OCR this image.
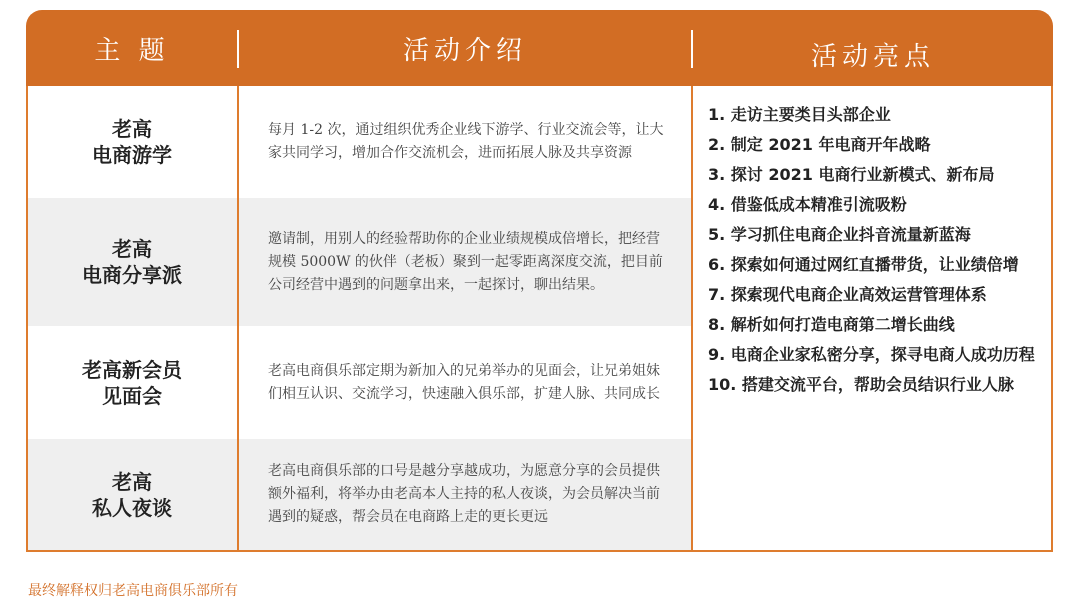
主 题	活动介绍	活动亮点
老高
电商游学
每月 1-2 次，通过组织优秀企业线下游学、行业交流会等，让大家共同学习，增加合作交流机会，进而拓展人脉及共享资源
老高
电商分享派
邀请制，用别人的经验帮助你的企业业绩规模成倍增长，把经营规模 5000W 的伙伴（老板）聚到一起零距离深度交流，把目前公司经营中遇到的问题拿出来，一起探讨，聊出结果。
老高新会员
见面会
老高电商俱乐部定期为新加入的兄弟举办的见面会，让兄弟姐妹们相互认识、交流学习，快速融入俱乐部，扩建人脉、共同成长
老高
私人夜谈
老高电商俱乐部的口号是越分享越成功，为愿意分享的会员提供额外福利，将举办由老高本人主持的私人夜谈，为会员解决当前遇到的疑惑，帮会员在电商路上走的更长更远
1. 走访主要类目头部企业
2. 制定 2021 年电商开年战略
3. 探讨 2021 电商行业新模式、新布局
4. 借鉴低成本精准引流吸粉
5. 学习抓住电商企业抖音流量新蓝海
6. 探索如何通过网红直播带货，让业绩倍增
7. 探索现代电商企业高效运营管理体系
8. 解析如何打造电商第二增长曲线
9. 电商企业家私密分享，探寻电商人成功历程
10. 搭建交流平台，帮助会员结识行业人脉
最终解释权归老高电商俱乐部所有
